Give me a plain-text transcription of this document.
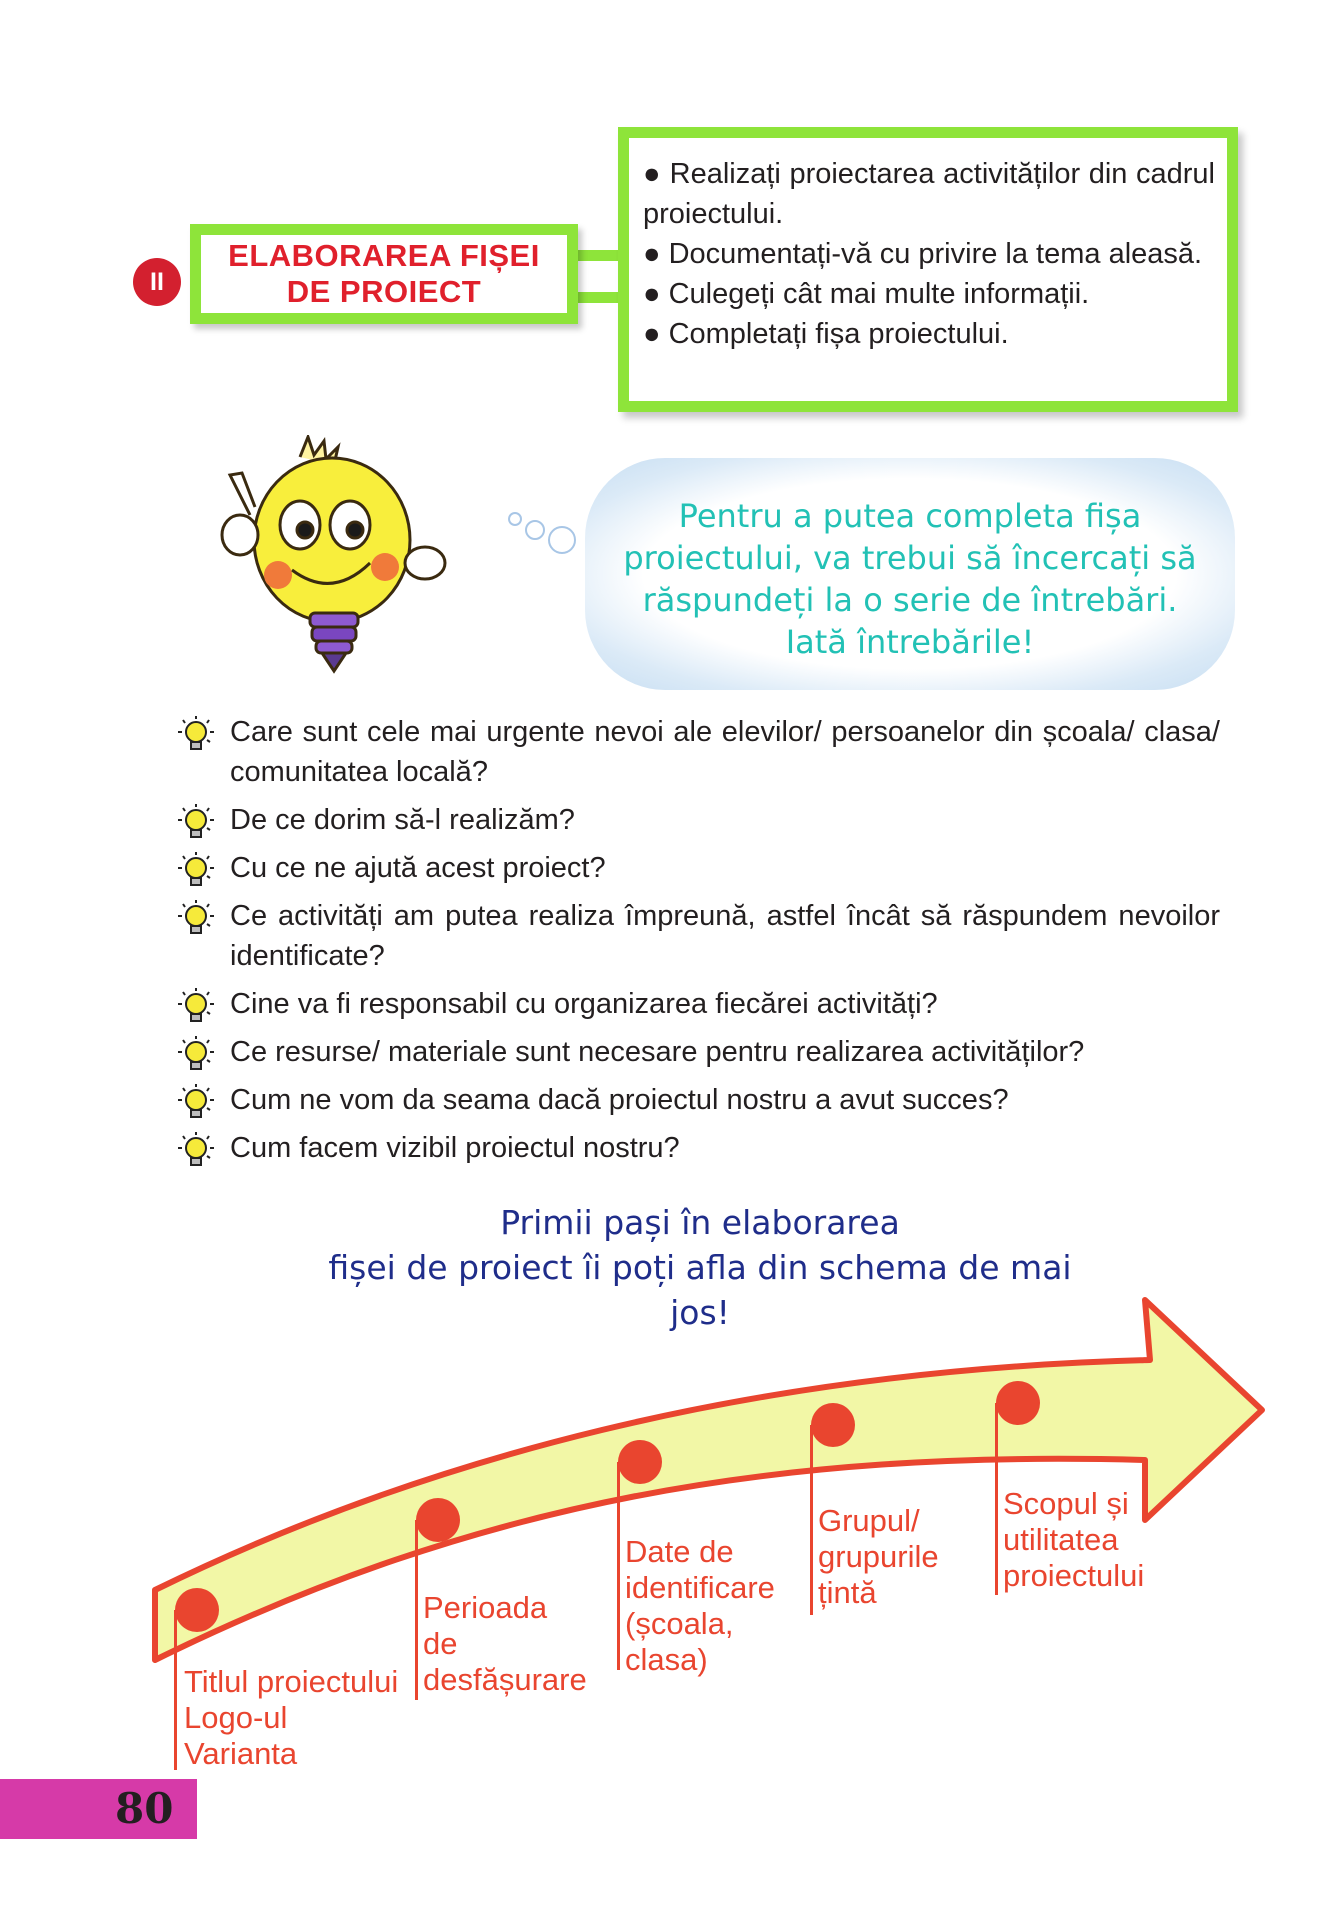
II
ELABORAREA FIȘEI
DE PROIECT

● Realizați proiectarea activităților din cadrul proiectului.

● Documentați-vă cu privire la tema aleasă.

● Culegeți cât mai multe informații.

● Completați fișa proiectului.

Pentru a putea completa fișa
proiectului, va trebui să încercați să
răspundeți la o serie de întrebări.
Iată întrebările!
Care sunt cele mai urgente nevoi ale elevilor/ persoanelor din școala/ clasa/ comunitatea locală?
De ce dorim să-l realizăm?
Cu ce ne ajută acest proiect?
Ce activități am putea realiza împreună, astfel încât să răspundem nevoilor identificate?
Cine va fi responsabil cu organizarea fiecărei activități?
Ce resurse/ materiale sunt necesare pentru realizarea activităților?
Cum ne vom da seama dacă proiectul nostru a avut succes?
Cum facem vizibil proiectul nostru?
Primii pași în elaborarea
fișei de proiect îi poți afla din schema de mai jos!
Titlul proiectului
Logo-ul
Varianta
Perioada
de
desfășurare
Date de
identificare
(școala,
clasa)
Grupul/
grupurile
țintă
Scopul și
utilitatea
proiectului
80
